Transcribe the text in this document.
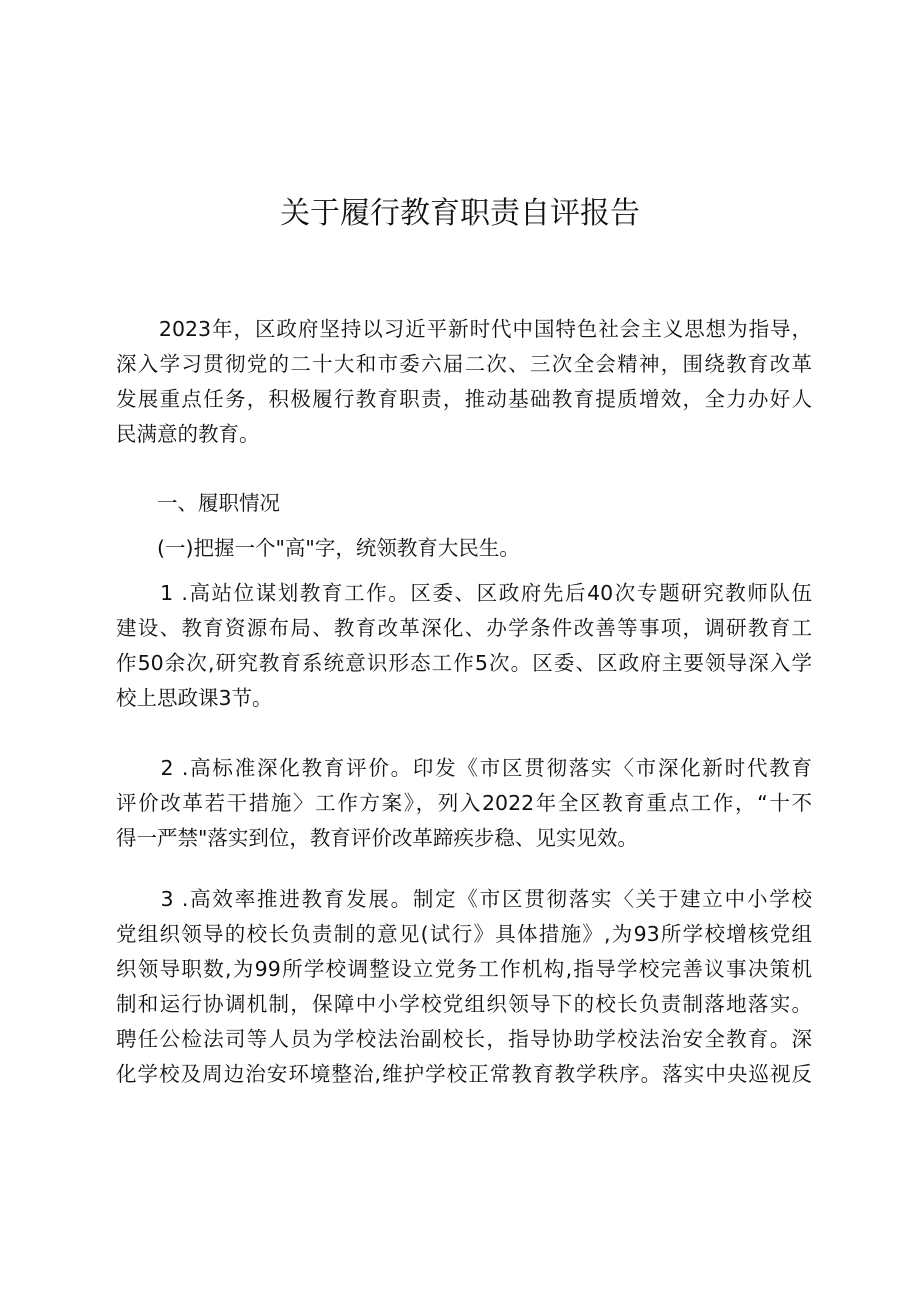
关于履行教育职责自评报告
　　2023年，区政府坚持以习近平新时代中国特色社会主义思想为指导，
深入学习贯彻党的二十大和市委六届二次、三次全会精神，围绕教育改革
发展重点任务，积极履行教育职责，推动基础教育提质增效，全力办好人
民满意的教育。
　　一、履职情况
　　(一)把握一个"高"字，统领教育大民生。
　　1 .高站位谋划教育工作。区委、区政府先后40次专题研究教师队伍
建设、教育资源布局、教育改革深化、办学条件改善等事项，调研教育工
作50余次,研究教育系统意识形态工作5次。区委、区政府主要领导深入学
校上思政课3节。
　　2 .高标准深化教育评价。印发《市区贯彻落实〈市深化新时代教育
评价改革若干措施〉工作方案》，列入2022年全区教育重点工作，“十不
得一严禁"落实到位，教育评价改革蹄疾步稳、见实见效。
　　3 .高效率推进教育发展。制定《市区贯彻落实〈关于建立中小学校
党组织领导的校长负责制的意见(试行》具体措施》,为93所学校增核党组
织领导职数,为99所学校调整设立党务工作机构,指导学校完善议事决策机
制和运行协调机制，保障中小学校党组织领导下的校长负责制落地落实。
聘任公检法司等人员为学校法治副校长，指导协助学校法治安全教育。深
化学校及周边治安环境整治,维护学校正常教育教学秩序。落实中央巡视反
